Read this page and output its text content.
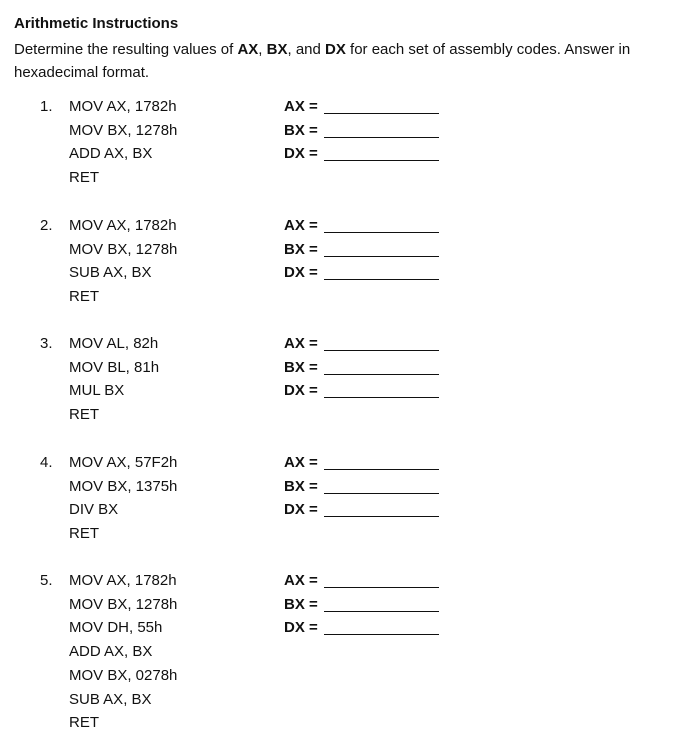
Arithmetic Instructions
Determine the resulting values of AX, BX, and DX for each set of assembly codes. Answer in hexadecimal format.
1. MOV AX, 1782h
MOV BX, 1278h
ADD AX, BX
RET
AX =
BX =
DX =
2. MOV AX, 1782h
MOV BX, 1278h
SUB AX, BX
RET
AX =
BX =
DX =
3. MOV AL, 82h
MOV BL, 81h
MUL BX
RET
AX =
BX =
DX =
4. MOV AX, 57F2h
MOV BX, 1375h
DIV BX
RET
AX =
BX =
DX =
5. MOV AX, 1782h
MOV BX, 1278h
MOV DH, 55h
ADD AX, BX
MOV BX, 0278h
SUB AX, BX
RET
AX =
BX =
DX =
